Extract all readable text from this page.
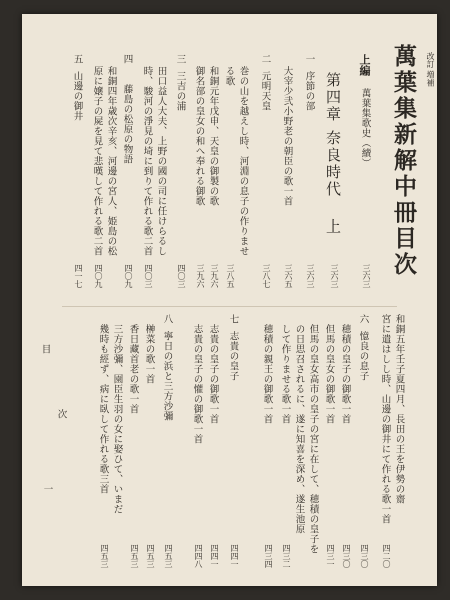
萬葉集新解中冊目次	改訂 増補
上編
萬葉集歌史（續）
三六三
第四章 奈良時代   上
三六三
一  序節の部
三六三
大宰少弐小野老の朝臣の歌一首
三六五
二  元明天皇
三八七
巻の山を越えし時、河淵の息子の作りませ
る歌
三八五
和銅元年戊申、天皇の御製の歌
三九六
御名部の皇女の和へ奉れる御歌
三九六
三  三吉の浦
四〇三
田口益人大夫、上野の國の司に任けらるし
時、駿河の淨見の埼に到りて作れる歌二首
四〇三
四
藤島の松原の物語
四〇九
和銅四年歳次辛亥、河邊の宮人、姫島の松
原に嬢子の屍を見て悲嘆して作れる歌二首
四〇九
五  山邊の御井
四一七
目
次	和銅五年壬子夏四月、長田の王を伊勢の齋
宮に遣はしし時、山邊の御井にて作れる歌一首
四二〇
六  憶良の息子
四三〇
穂積の皇子の御歌一首
四三〇
但馬の皇女の御歌一首
四三一
但馬の皇女高市の皇子の宮に在して、穂積の皇子を
の日思召されるに、遂に知喜を深め、遂生池原
して作りませる歌一首
四三二
穂積の親王の御歌一首
四三四
七  志貴の皇子
四四一
志貴の皇子の御歌一首
四四一
志貴の皇子の懽の御歌一首
四四八
八  寧日の浜と三方沙彌
四五三
榊菜の歌一首
四五三
香日藏首老の歌一首
四五三
三方沙彌、園臣生羽の女に娶ひて、いまだ
幾時も經ず、病に臥して作れる歌三首
四五三
一
